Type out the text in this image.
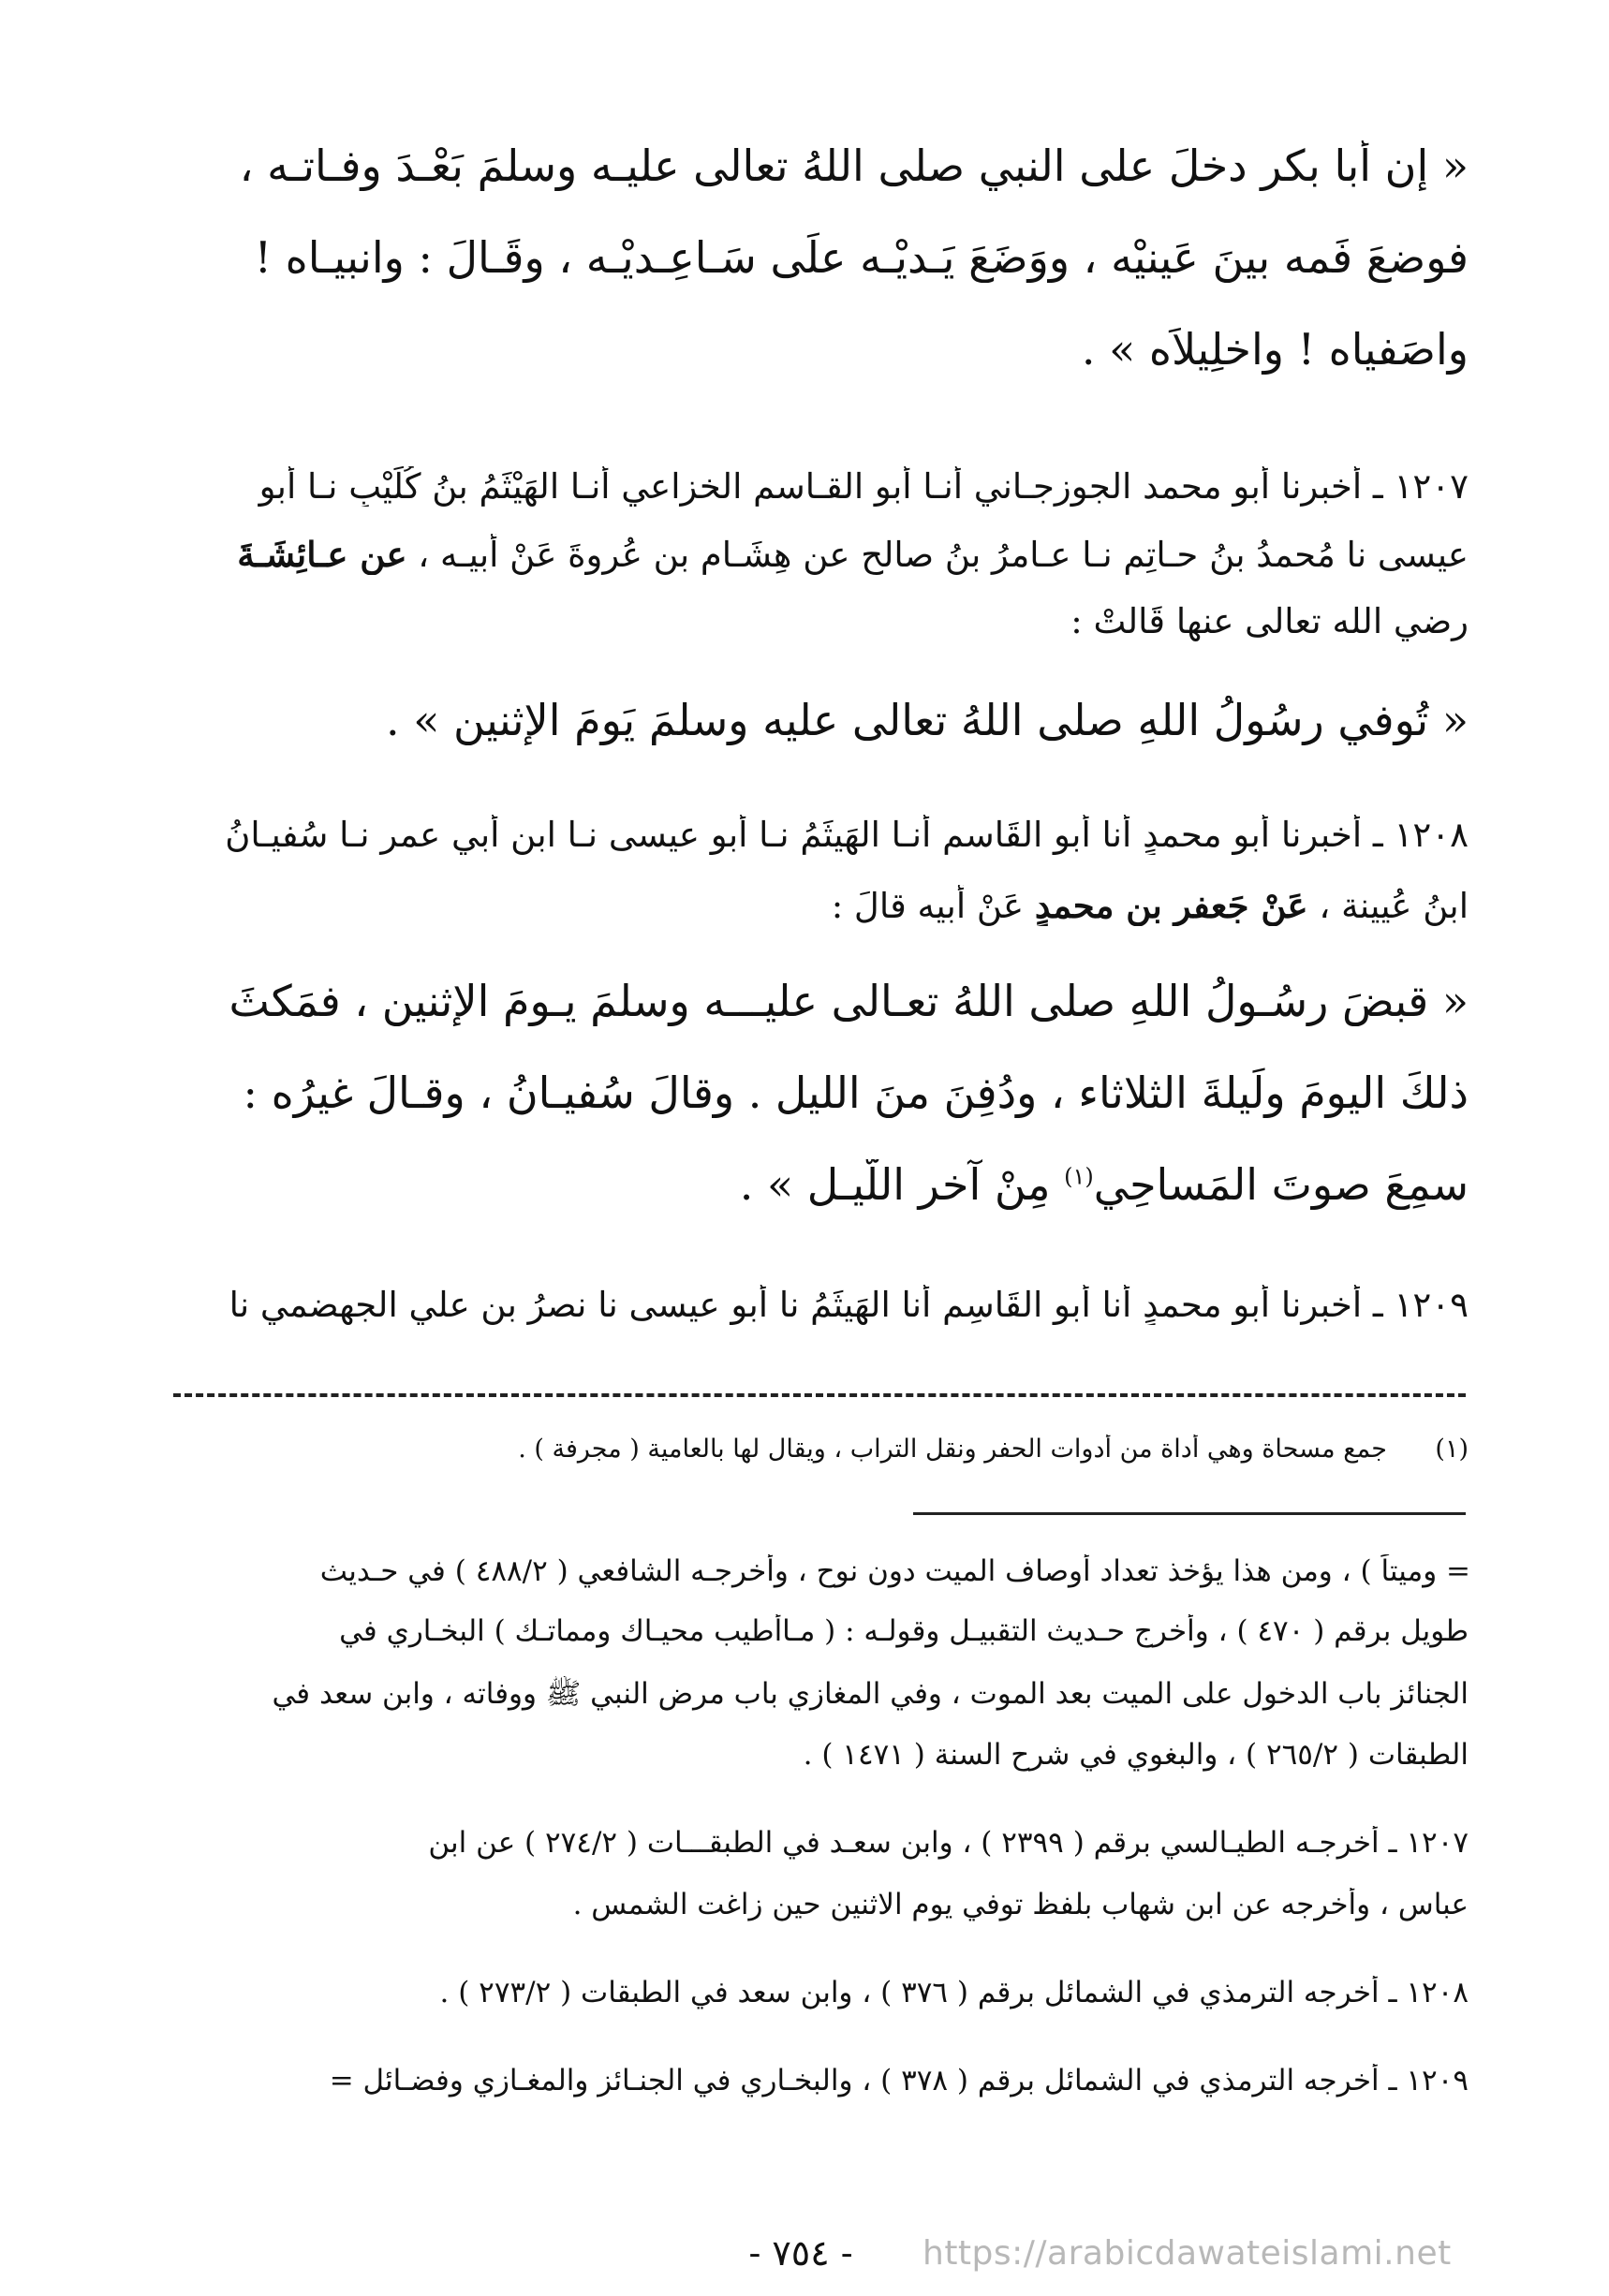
« إن أبا بكر دخلَ على النبي صلى اللهُ تعالى عليـه وسلمَ بَعْـدَ وفـاتـه ،
فوضعَ فَمه بينَ عَينيْه ، ووَضَعَ يَـديْـه علَى سَـاعِـديْـه ، وقَـالَ : وانبيـاه !
واصَفياه ! واخلِيلاَه » .
١٢٠٧ ـ أخبرنا أبو محمد الجوزجـاني أنـا أبو القـاسم الخزاعي أنـا الهَيْثَمُ بنُ كُلَيْبٍ نـا أبو
عيسى نا مُحمدُ بنُ حـاتِمٍ نـا عـامرُ بنُ صالح عن هِشَـامِ بنِ عُروةَ عَنْ أبيـه ، عن عـائِشَـةَ
رضي الله تعالى عنها قَالتْ :
« تُوفي رسُولُ اللهِ صلى اللهُ تعالى عليه وسلمَ يَومَ الإثنين » .
١٢٠٨ ـ أخبرنا أبو محمدٍ أنا أبو القَاسم أنـا الهَيثَمُ نـا أبو عيسى نـا ابن أبي عمر نـا سُفيـانُ
ابنُ عُيينة ، عَنْ جَعفر بن محمدٍ عَنْ أبيه قالَ :
« قبضَ رسُـولُ اللهِ صلى اللهُ تعـالى عليـــه وسلمَ يـومَ الإثنين ، فمَكثَ
ذلكَ اليومَ ولَيلةَ الثلاثاء ، ودُفِنَ منَ الليل . وقالَ سُفيـانُ ، وقـالَ غيرُه :
سمِعَ صوتَ المَساحِي$^{(١)}$ مِنْ آخرِ اللَّيـل » .
١٢٠٩ ـ أخبرنا أبو محمدٍ أنا أبو القَاسِم أنا الهَيثَمُ نا أبو عيسى نا نصرُ بن علي الجهضمي نا
(١)      جمع مسحاة وهي أداة من أدوات الحفر ونقل التراب ، ويقال لها بالعامية ( مجرفة ) .
= وميتاً ) ، ومن هذا يؤخذ تعداد أوصاف الميت دون نوح ، وأخرجـه الشافعي ( ٤٨٨/٢ ) في حـديث
طويل برقم ( ٤٧٠ ) ، وأخرج حـديث التقبيـل وقولـه : ( مـاأطيب محيـاك ومماتـك ) البخـاري في
الجنائز باب الدخول على الميت بعد الموت ، وفي المغازي باب مرض النبي ﷺ ووفاته ، وابن سعد في
الطبقات ( ٢٦٥/٢ ) ، والبغوي في شرح السنة ( ١٤٧١ ) .
١٢٠٧ ـ أخرجـه الطيـالسي برقم ( ٢٣٩٩ ) ، وابن سعـد في الطبقـــات ( ٢٧٤/٢ ) عن ابن
عباس ، وأخرجه عن ابن شهاب بلفظ توفي يوم الاثنين حين زاغت الشمس .
١٢٠٨ ـ أخرجه الترمذي في الشمائل برقم ( ٣٧٦ ) ، وابن سعد في الطبقات ( ٢٧٣/٢ ) .
١٢٠٩ ـ أخرجه الترمذي في الشمائل برقم ( ٣٧٨ ) ، والبخـاري في الجنـائز والمغـازي وفضـائل =
- ٧٥٤ -	https://arabicdawateislami.net
